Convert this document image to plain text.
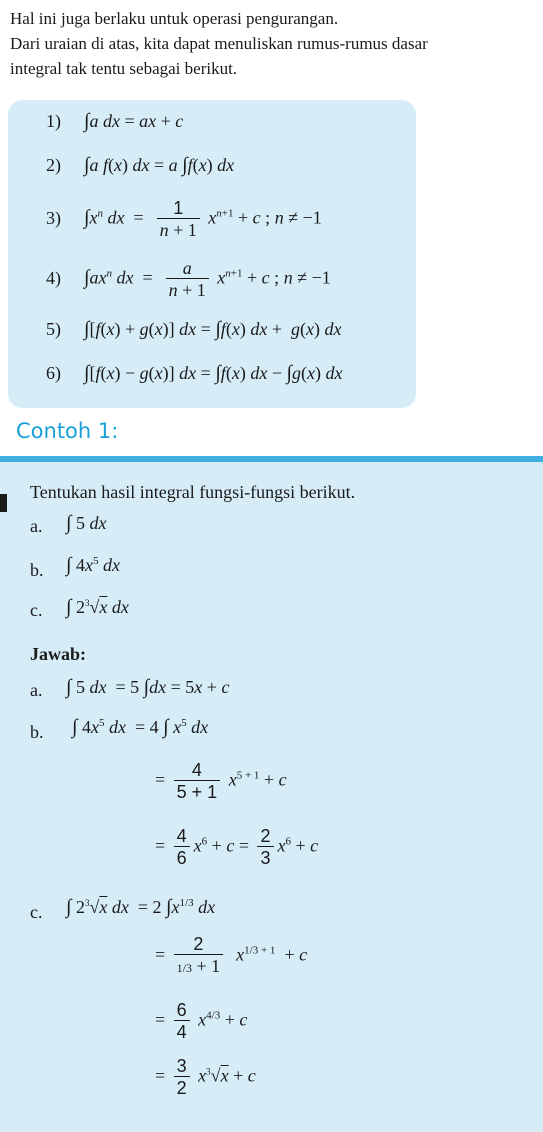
Hal ini juga berlaku untuk operasi pengurangan.
Dari uraian di atas, kita dapat menuliskan rumus-rumus dasar
integral tak tentu sebagai berikut.
1) ∫a dx = ax + c
2) ∫a f(x) dx = a ∫f(x) dx
3) $\int x^n$ dx  = $\frac{1}{n + 1} x^{n+1} + c$ ; n ≠ −1
4) $\int ax^n$ dx  = $\frac{a}{n + 1} x^{n+1} + c$ ; n ≠ −1
5) ∫[f(x) + g(x)] dx = ∫f(x) dx +  g(x) dx
6) ∫[f(x) − g(x)] dx = ∫f(x) dx − ∫g(x) dx
Contoh 1:
Tentukan hasil integral fungsi-fungsi berikut.
a. ∫ 5 dx
b. ∫ $4x^5$ dx
c. ∫ $2^3√x$ dx
Jawab:
a. ∫ 5 dx  = 5 ∫dx = 5x + c
b. ∫ $4x^5$ dx  = 4 ∫ $x^5$ dx
= $\frac{4}{5 + 1} x^{5 + 1} + c$
= $\frac{4}{6} x^6 + c = \frac{2}{3} x^6 + c$
c. ∫ $2^3√x$ dx  = 2 $\int x^{1/3}$ dx
= $\frac{2}{1/3 + 1} x^{1/3 + 1} + c$
= $\frac{6}{4} x^{4/3} + c$
= $\frac{3}{2} x^3√x + c$
